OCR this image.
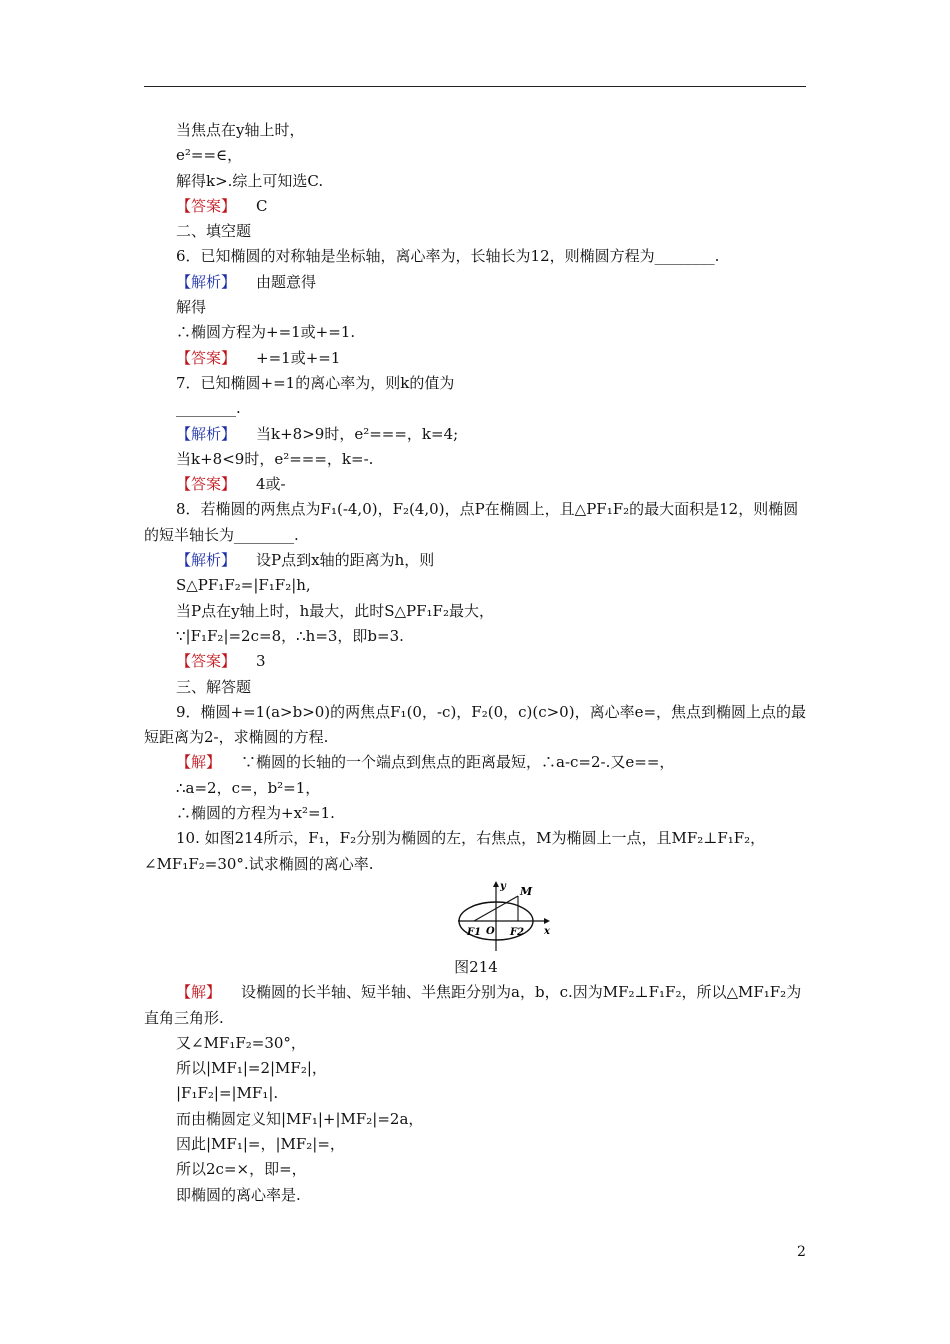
当焦点在y轴上时，
e²==∈，
解得k>.综上可知选C.
【答案】 C
二、填空题
6．已知椭圆的对称轴是坐标轴，离心率为，长轴长为12，则椭圆方程为________.
【解析】 由题意得
解得
∴椭圆方程为+=1或+=1.
【答案】 +=1或+=1
7．已知椭圆+=1的离心率为，则k的值为
________.
【解析】 当k+8>9时，e²===，k=4;
当k+8<9时，e²===，k=-.
【答案】 4或-
8．若椭圆的两焦点为F₁(-4,0)，F₂(4,0)，点P在椭圆上，且△PF₁F₂的最大面积是12，则椭圆的短半轴长为________.
【解析】 设P点到x轴的距离为h，则
S△PF₁F₂=|F₁F₂|h,
当P点在y轴上时，h最大，此时S△PF₁F₂最大，
∵|F₁F₂|=2c=8，∴h=3，即b=3.
【答案】 3
三、解答题
9．椭圆+=1(a>b>0)的两焦点F₁(0，-c)，F₂(0，c)(c>0)，离心率e=，焦点到椭圆上点的最短距离为2-，求椭圆的方程.
【解】 ∵椭圆的长轴的一个端点到焦点的距离最短，∴a-c=2-.又e==，
∴a=2，c=，b²=1，
∴椭圆的方程为+x²=1.
10. 如图214所示，F₁，F₂分别为椭圆的左，右焦点，M为椭圆上一点，且MF₂⊥F₁F₂，∠MF₁F₂=30°.试求椭圆的离心率.
y M
F1 O F2 x
图214
【解】 设椭圆的长半轴、短半轴、半焦距分别为a，b，c.因为MF₂⊥F₁F₂，所以△MF₁F₂为直角三角形.
又∠MF₁F₂=30°，
所以|MF₁|=2|MF₂|，
|F₁F₂|=|MF₁|.
而由椭圆定义知|MF₁|+|MF₂|=2a，
因此|MF₁|=，|MF₂|=，
所以2c=×，即=，
即椭圆的离心率是.
2
